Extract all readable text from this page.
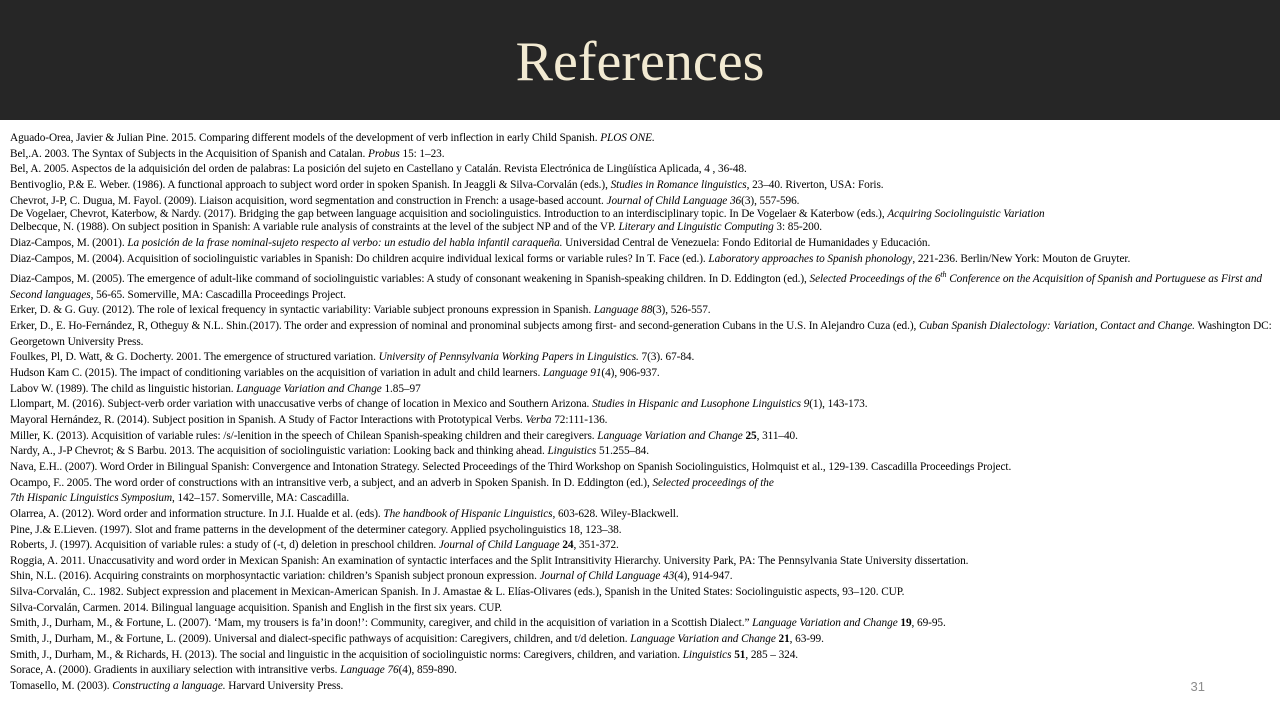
References
Aguado-Orea, Javier & Julian Pine. 2015. Comparing different models of the development of verb inflection in early Child Spanish. PLOS ONE.
Bel,.A. 2003. The Syntax of Subjects in the Acquisition of Spanish and Catalan. Probus 15: 1–23.
Bel, A. 2005. Aspectos de la adquisición del orden de palabras: La posición del sujeto en Castellano y Catalán. Revista Electrónica de Lingüística Aplicada, 4 , 36-48.
Bentivoglio, P.& E. Weber. (1986). A functional approach to subject word order in spoken Spanish. In Jeaggli & Silva-Corvalán (eds.), Studies in Romance linguistics, 23–40. Riverton, USA: Foris.
Chevrot, J-P, C. Dugua, M. Fayol. (2009). Liaison acquisition, word segmentation and construction in French: a usage-based account. Journal of Child Language 36(3), 557-596.
De Vogelaer, Chevrot, Katerbow, & Nardy. (2017). Bridging the gap between language acquisition and sociolinguistics. Introduction to an interdisciplinary topic. In De Vogelaer & Katerbow (eds.), Acquiring Sociolinguistic Variation
Delbecque, N. (1988). On subject position in Spanish: A variable rule analysis of constraints at the level of the subject NP and of the VP. Literary and Linguistic Computing 3: 85-200.
Diaz-Campos, M. (2001). La posición de la frase nominal-sujeto respecto al verbo: un estudio del habla infantil caraqueña. Universidad Central de Venezuela: Fondo Editorial de Humanidades y Educación.
Diaz-Campos, M. (2004). Acquisition of sociolinguistic variables in Spanish: Do children acquire individual lexical forms or variable rules? In T. Face (ed.). Laboratory approaches to Spanish phonology, 221-236. Berlin/New York: Mouton de Gruyter.
Diaz-Campos, M. (2005). The emergence of adult-like command of sociolinguistic variables: A study of consonant weakening in Spanish-speaking children. In D. Eddington (ed.), Selected Proceedings of the 6th Conference on the Acquisition of Spanish and Portuguese as First and Second languages, 56-65. Somerville, MA: Cascadilla Proceedings Project.
Erker, D. & G. Guy. (2012). The role of lexical frequency in syntactic variability: Variable subject pronouns expression in Spanish. Language 88(3), 526-557.
Erker, D., E. Ho-Fernández, R, Otheguy & N.L. Shin.(2017). The order and expression of nominal and pronominal subjects among first- and second-generation Cubans in the U.S. In Alejandro Cuza (ed.), Cuban Spanish Dialectology: Variation, Contact and Change. Washington DC: Georgetown University Press.
Foulkes, Pl, D. Watt, & G. Docherty. 2001. The emergence of structured variation. University of Pennsylvania Working Papers in Linguistics. 7(3). 67-84.
Hudson Kam C. (2015). The impact of conditioning variables on the acquisition of variation in adult and child learners. Language 91(4), 906-937.
Labov W. (1989). The child as linguistic historian. Language Variation and Change 1.85–97
Llompart, M. (2016). Subject-verb order variation with unaccusative verbs of change of location in Mexico and Southern Arizona. Studies in Hispanic and Lusophone Linguistics 9(1), 143-173.
Mayoral Hernández, R. (2014). Subject position in Spanish. A Study of Factor Interactions with Prototypical Verbs. Verba 72:111-136.
Miller, K. (2013). Acquisition of variable rules: /s/-lenition in the speech of Chilean Spanish-speaking children and their caregivers. Language Variation and Change 25, 311–40.
Nardy, A., J-P Chevrot; & S Barbu. 2013. The acquisition of sociolinguistic variation: Looking back and thinking ahead. Linguistics 51.255–84.
Nava, E.H.. (2007). Word Order in Bilingual Spanish: Convergence and Intonation Strategy. Selected Proceedings of the Third Workshop on Spanish Sociolinguistics, Holmquist et al., 129-139. Cascadilla Proceedings Project.
Ocampo, F.. 2005. The word order of constructions with an intransitive verb, a subject, and an adverb in Spoken Spanish. In D. Eddington (ed.), Selected proceedings of the
7th Hispanic Linguistics Symposium, 142–157. Somerville, MA: Cascadilla.
Olarrea, A. (2012). Word order and information structure. In J.I. Hualde et al. (eds). The handbook of Hispanic Linguistics, 603-628. Wiley-Blackwell.
Pine, J.& E.Lieven. (1997). Slot and frame patterns in the development of the determiner category. Applied psycholinguistics 18, 123–38.
Roberts, J. (1997). Acquisition of variable rules: a study of (-t, d) deletion in preschool children. Journal of Child Language 24, 351-372.
Roggia, A. 2011. Unaccusativity and word order in Mexican Spanish: An examination of syntactic interfaces and the Split Intransitivity Hierarchy. University Park, PA: The Pennsylvania State University dissertation.
Shin, N.L. (2016). Acquiring constraints on morphosyntactic variation: children’s Spanish subject pronoun expression. Journal of Child Language 43(4), 914-947.
Silva-Corvalán, C.. 1982. Subject expression and placement in Mexican-American Spanish. In J. Amastae & L. Elías-Olivares (eds.), Spanish in the United States: Sociolinguistic aspects, 93–120. CUP.
Silva-Corvalán, Carmen. 2014. Bilingual language acquisition. Spanish and English in the first six years. CUP.
Smith, J., Durham, M., & Fortune, L. (2007). ‘Mam, my trousers is fa’in doon!’: Community, caregiver, and child in the acquisition of variation in a Scottish Dialect.” Language Variation and Change 19, 69-95.
Smith, J., Durham, M., & Fortune, L. (2009). Universal and dialect-specific pathways of acquisition: Caregivers, children, and t/d deletion. Language Variation and Change 21, 63-99.
Smith, J., Durham, M., & Richards, H. (2013). The social and linguistic in the acquisition of sociolinguistic norms: Caregivers, children, and variation. Linguistics 51, 285 – 324.
Sorace, A. (2000). Gradients in auxiliary selection with intransitive verbs. Language 76(4), 859-890.
Tomasello, M. (2003). Constructing a language. Harvard University Press.	31
